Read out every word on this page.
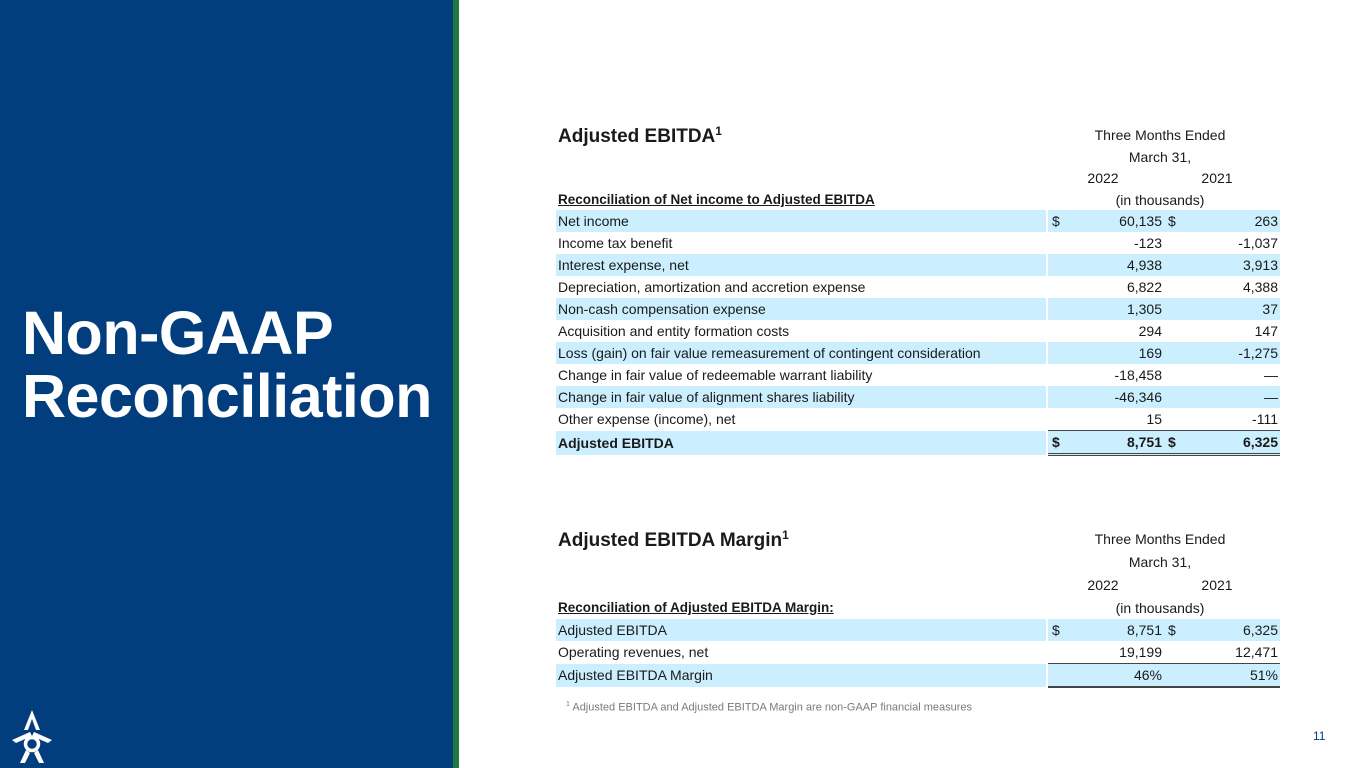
Non-GAAP
Reconciliation
Adjusted EBITDA$^1$	Three Months Ended
March 31,
2022	2021
Reconciliation of Net income to Adjusted EBITDA	(in thousands)
Net income		$	60,135	$	263
Income tax benefit			-123		-1,037
Interest expense, net			4,938		3,913
Depreciation, amortization and accretion expense			6,822		4,388
Non-cash compensation expense			1,305		37
Acquisition and entity formation costs			294		147
Loss (gain) on fair value remeasurement of contingent consideration			169		-1,275
Change in fair value of redeemable warrant liability			-18,458		—
Change in fair value of alignment shares liability			-46,346		—
Other expense (income), net			15		-111
Adjusted EBITDA		$	8,751	$	6,325
Adjusted EBITDA Margin$^1$	Three Months Ended
March 31,
2022	2021
Reconciliation of Adjusted EBITDA Margin:	(in thousands)
Adjusted EBITDA		$	8,751	$	6,325
Operating revenues, net			19,199		12,471
Adjusted EBITDA Margin			46%		51%
$^1$ Adjusted EBITDA and Adjusted EBITDA Margin are non-GAAP financial measures
11
